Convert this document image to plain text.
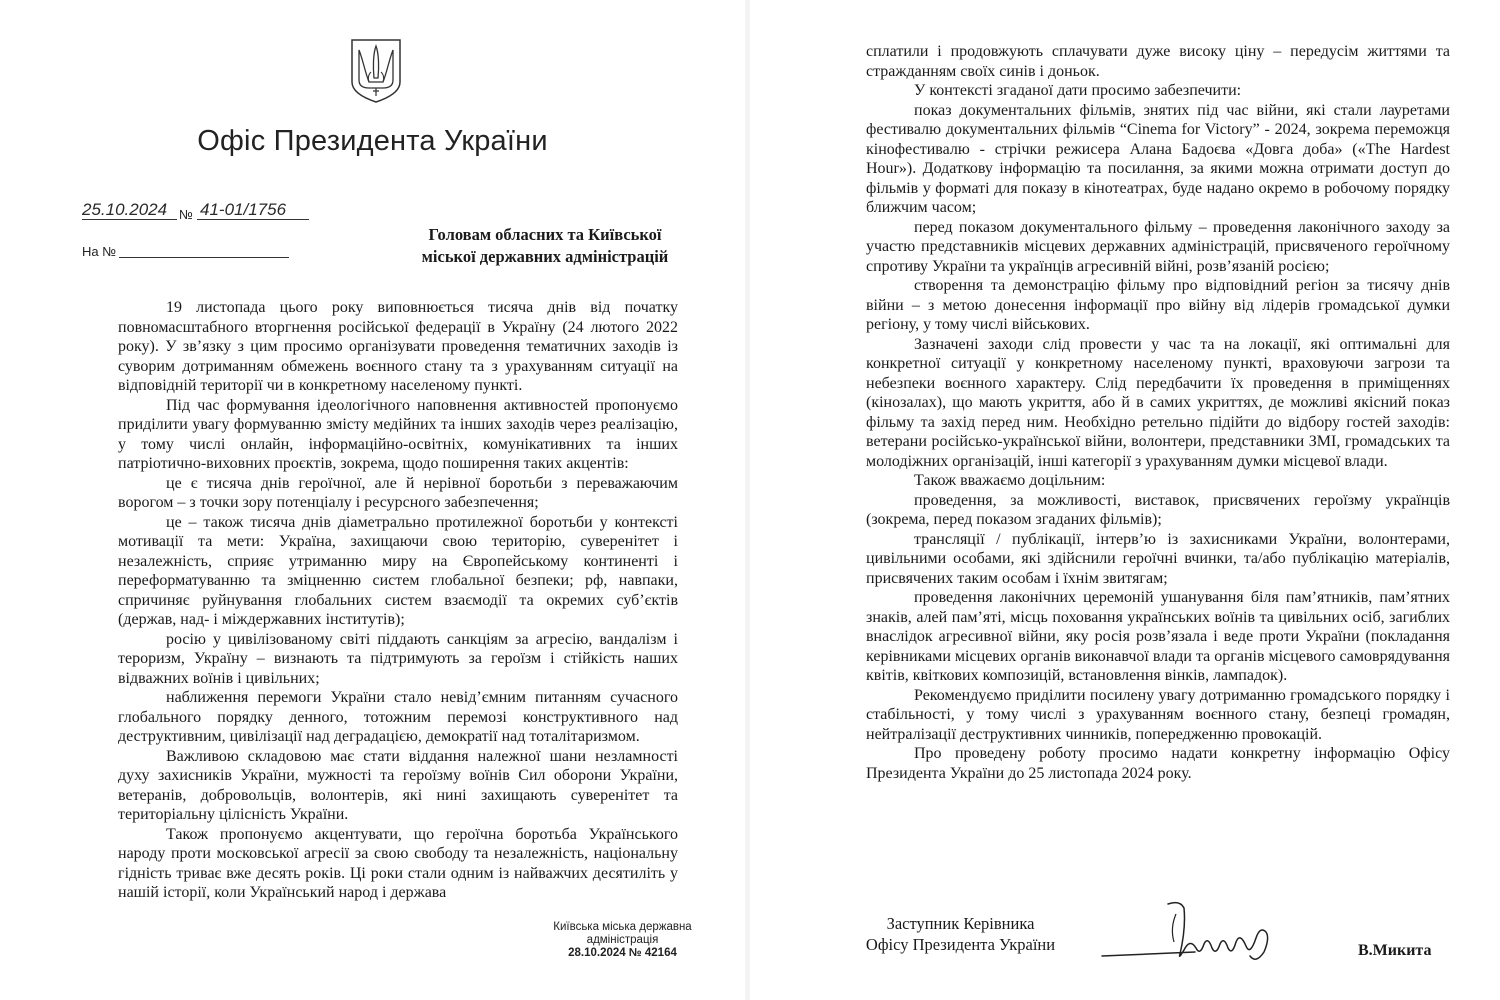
Офіс Президента України
25.10.2024 № 41-01/1756
На №
Головам обласних та Київської
міської державних адміністрацій

19 листопада цього року виповнюється тисяча днів від початку повномасштабного вторгнення російської федерації в Україну (24 лютого 2022 року). У зв’язку з цим просимо організувати проведення тематичних заходів із суворим дотриманням обмежень воєнного стану та з урахуванням ситуації на відповідній території чи в конкретному населеному пункті.

Під час формування ідеологічного наповнення активностей пропонуємо приділити увагу формуванню змісту медійних та інших заходів через реалізацію, у тому числі онлайн, інформаційно-освітніх, комунікативних та інших патріотично-виховних проєктів, зокрема, щодо поширення таких акцентів:

це є тисяча днів героїчної, але й нерівної боротьби з переважаючим ворогом – з точки зору потенціалу і ресурсного забезпечення;

це – також тисяча днів діаметрально протилежної боротьби у контексті мотивації та мети: Україна, захищаючи свою територію, суверенітет і незалежність, сприяє утриманню миру на Європейському континенті і переформатуванню та зміцненню систем глобальної безпеки; рф, навпаки, спричиняє руйнування глобальних систем взаємодії та окремих суб’єктів (держав, над- і міждержавних інститутів);

росію у цивілізованому світі піддають санкціям за агресію, вандалізм і тероризм, Україну – визнають та підтримують за героїзм і стійкість наших відважних воїнів і цивільних;

наближення перемоги України стало невід’ємним питанням сучасного глобального порядку денного, тотожним перемозі конструктивного над деструктивним, цивілізації над деградацією, демократії над тоталітаризмом.

Важливою складовою має стати віддання належної шани незламності духу захисників України, мужності та героїзму воїнів Сил оборони України, ветеранів, добровольців, волонтерів, які нині захищають суверенітет та територіальну цілісність України.

Також пропонуємо акцентувати, що героїчна боротьба Українського народу проти московської агресії за свою свободу та незалежність, національну гідність триває вже десять років. Ці роки стали одним із найважчих десятиліть у нашій історії, коли Український народ і держава

Київська міська державна
адміністрація
28.10.2024 № 42164

сплатили і продовжують сплачувати дуже високу ціну – передусім життями та стражданням своїх синів і доньок.

У контексті згаданої дати просимо забезпечити:

показ документальних фільмів, знятих під час війни, які стали лауретами фестивалю документальних фільмів “Cinema for Victory” - 2024, зокрема переможця кінофестивалю - стрічки режисера Алана Бадоєва «Довга доба» («The Hardest Hour»). Додаткову інформацію та посилання, за якими можна отримати доступ до фільмів у форматі для показу в кінотеатрах, буде надано окремо в робочому порядку ближчим часом;

перед показом документального фільму – проведення лаконічного заходу за участю представників місцевих державних адміністрацій, присвяченого героїчному спротиву України та українців агресивній війні, розв’язаній росією;

створення та демонстрацію фільму про відповідний регіон за тисячу днів війни – з метою донесення інформації про війну від лідерів громадської думки регіону, у тому числі військових.

Зазначені заходи слід провести у час та на локації, які оптимальні для конкретної ситуації у конкретному населеному пункті, враховуючи загрози та небезпеки воєнного характеру. Слід передбачити їх проведення в приміщеннях (кінозалах), що мають укриття, або й в самих укриттях, де можливі якісний показ фільму та захід перед ним. Необхідно ретельно підійти до відбору гостей заходів: ветерани російсько-української війни, волонтери, представники ЗМІ, громадських та молодіжних організацій, інші категорії з урахуванням думки місцевої влади.

Також вважаємо доцільним:

проведення, за можливості, виставок, присвячених героїзму українців (зокрема, перед показом згаданих фільмів);

трансляції / публікації, інтерв’ю із захисниками України, волонтерами, цивільними особами, які здійснили героїчні вчинки, та/або публікацію матеріалів, присвячених таким особам і їхнім звитягам;

проведення лаконічних церемоній ушанування біля пам’ятників, пам’ятних знаків, алей пам’яті, місць поховання українських воїнів та цивільних осіб, загиблих внаслідок агресивної війни, яку росія розв’язала і веде проти України (покладання керівниками місцевих органів виконавчої влади та органів місцевого самоврядування квітів, квіткових композицій, встановлення вінків, лампадок).

Рекомендуємо приділити посилену увагу дотриманню громадського порядку і стабільності, у тому числі з урахуванням воєнного стану, безпеці громадян, нейтралізації деструктивних чинників, попередженню провокацій.

Про проведену роботу просимо надати конкретну інформацію Офісу Президента України до 25 листопада 2024 року.

Заступник Керівника
Офісу Президента України	В.Микита
